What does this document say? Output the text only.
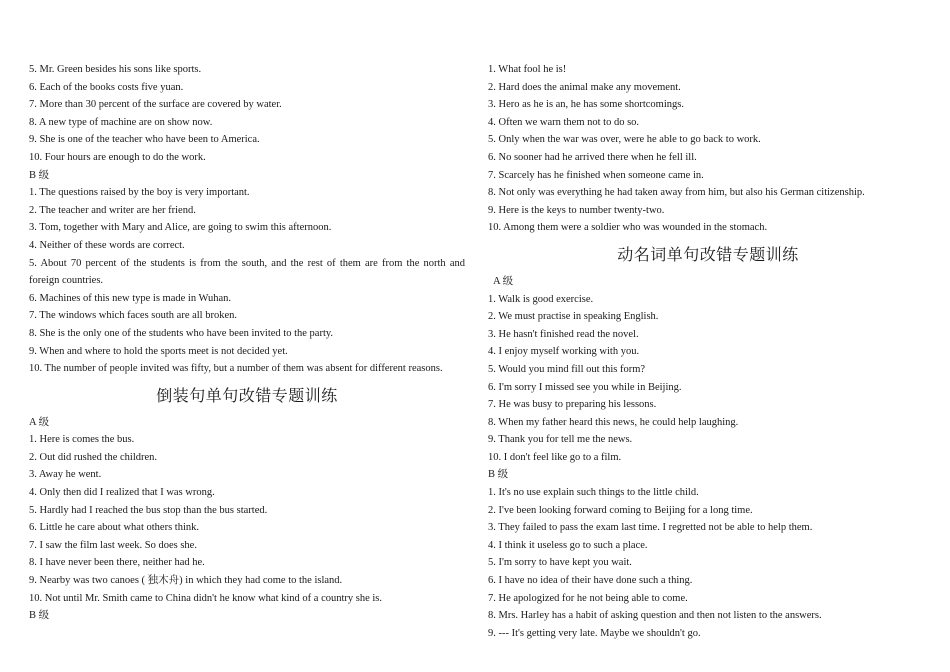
5. Mr. Green besides his sons like sports.
6. Each of the books costs five yuan.
7. More than 30 percent of the surface are covered by water.
8. A new type of machine are on show now.
9. She is one of the teacher who have been to America.
10. Four hours are enough to do the work.
B 级
1. The questions raised by the boy is very important.
2. The teacher and writer are her friend.
3. Tom, together with Mary and Alice, are going to swim this afternoon.
4. Neither of these words are correct.
5. About 70 percent of the students is from the south, and the rest of them are from the north and foreign countries.
6. Machines of this new type is made in Wuhan.
7. The windows which faces south are all broken.
8. She is the only one of the students who have been invited to the party.
9. When and where to hold the sports meet is not decided yet.
10. The number of people invited was fifty, but a number of them was absent for different reasons.
倒装句单句改错专题训练
A 级
1. Here is comes the bus.
2. Out did rushed the children.
3. Away he went.
4. Only then did I realized that I was wrong.
5. Hardly had I reached the bus stop than the bus started.
6. Little he care about what others think.
7. I saw the film last week. So does she.
8. I have never been there, neither had he.
9. Nearby was two canoes ( 独木舟) in which they had come to the island.
10. Not until Mr. Smith came to China didn't he know what kind of a country she is.
B 级
1. What fool he is!
2. Hard does the animal make any movement.
3. Hero as he is an, he has some shortcomings.
4. Often we warn them not to do so.
5. Only when the war was over, were he able to go back to work.
6. No sooner had he arrived there when he fell ill.
7. Scarcely has he finished when someone came in.
8. Not only was everything he had taken away from him, but also his German citizenship.
9. Here is the keys to number twenty-two.
10. Among them were a soldier who was wounded in the stomach.
动名词单句改错专题训练
A 级
1. Walk is good exercise.
2. We must practise in speaking English.
3. He hasn't finished read the novel.
4. I enjoy myself working with you.
5. Would you mind fill out this form?
6. I'm sorry I missed see you while in Beijing.
7. He was busy to preparing his lessons.
8. When my father heard this news, he could help laughing.
9. Thank you for tell me the news.
10. I don't feel like go to a film.
B 级
1. It's no use explain such things to the little child.
2. I've been looking forward coming to Beijing for a long time.
3. They failed to pass the exam last time. I regretted not be able to help them.
4. I think it useless go to such a place.
5. I'm sorry to have kept you wait.
6. I have no idea of their have done such a thing.
7. He apologized for he not being able to come.
8. Mrs. Harley has a habit of asking question and then not listen to the answers.
9. --- It's getting very late. Maybe we shouldn't go.
